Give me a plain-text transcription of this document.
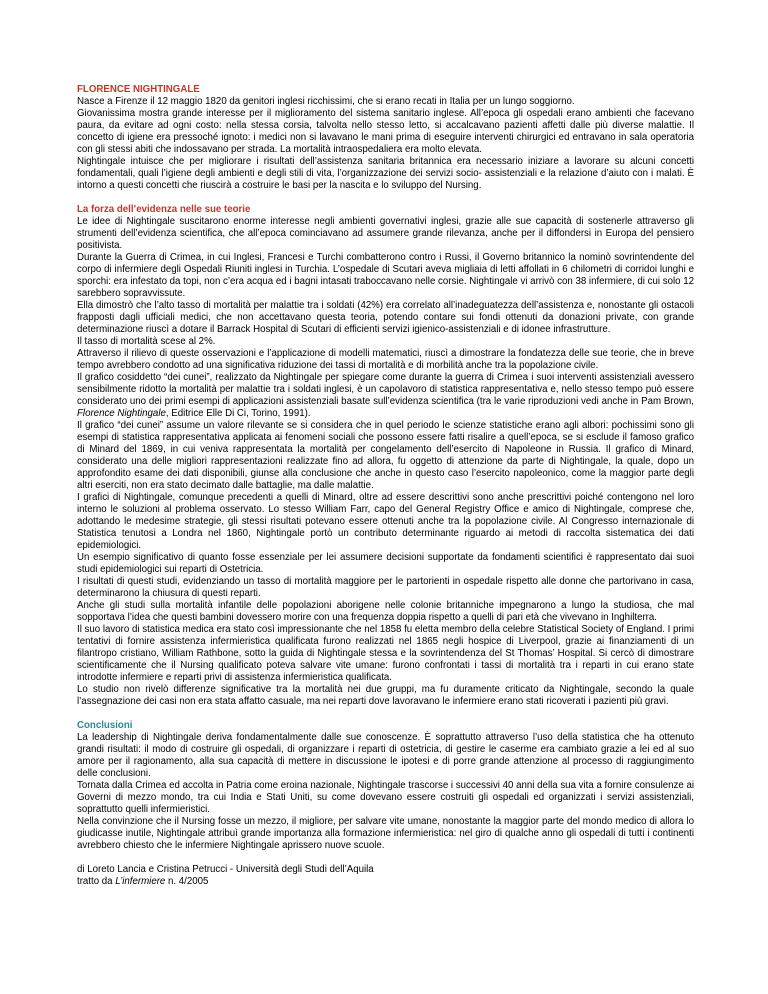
FLORENCE NIGHTINGALE

Nasce a Firenze il 12 maggio 1820 da genitori inglesi ricchissimi, che si erano recati in Italia per un lungo soggiorno.

Giovanissima mostra grande interesse per il miglioramento del sistema sanitario inglese. All’epoca gli ospedali erano ambienti che facevano paura, da evitare ad ogni costo: nella stessa corsia, talvolta nello stesso letto, si accalcavano pazienti affetti dalle più diverse malattie. Il concetto di igiene era pressoché ignoto: i medici non si lavavano le mani prima di eseguire interventi chirurgici ed entravano in sala operatoria con gli stessi abiti che indossavano per strada. La mortalità intraospedaliera era molto elevata.

Nightingale intuisce che per migliorare i risultati dell’assistenza sanitaria britannica era necessario iniziare a lavorare su alcuni concetti fondamentali, quali l’igiene degli ambienti e degli stili di vita, l’organizzazione dei servizi socio- assistenziali e la relazione d’aiuto con i malati. È intorno a questi concetti che riuscirà a costruire le basi per la nascita e lo sviluppo del Nursing.

La forza dell’evidenza nelle sue teorie

Le idee di Nightingale suscitarono enorme interesse negli ambienti governativi inglesi, grazie alle sue capacità di sostenerle attraverso gli strumenti dell’evidenza scientifica, che all’epoca cominciavano ad assumere grande rilevanza, anche per il diffondersi in Europa del pensiero positivista.

Durante la Guerra di Crimea, in cui Inglesi, Francesi e Turchi combatterono contro i Russi, il Governo britannico la nominò sovrintendente del corpo di infermiere degli Ospedali Riuniti inglesi in Turchia. L’ospedale di Scutari aveva migliaia di letti affollati in 6 chilometri di corridoi lunghi e sporchi: era infestato da topi, non c’era acqua ed i bagni intasati traboccavano nelle corsie. Nightingale vi arrivò con 38 infermiere, di cui solo 12 sarebbero sopravvissute.

Ella dimostrò che l’alto tasso di mortalità per malattie tra i soldati (42%) era correlato all’inadeguatezza dell’assistenza e, nonostante gli ostacoli frapposti dagli ufficiali medici, che non accettavano questa teoria, potendo contare sui fondi ottenuti da donazioni private, con grande determinazione riuscì a dotare il Barrack Hospital di Scutari di efficienti servizi igienico-assistenziali e di idonee infrastrutture.

Il tasso di mortalità scese al 2%.

Attraverso il rilievo di queste osservazioni e l’applicazione di modelli matematici, riuscì a dimostrare la fondatezza delle sue teorie, che in breve tempo avrebbero condotto ad una significativa riduzione dei tassi di mortalità e di morbilità anche tra la popolazione civile.

Il grafico cosiddetto “dei cunei”, realizzato da Nightingale per spiegare come durante la guerra di Crimea i suoi interventi assistenziali avessero sensibilmente ridotto la mortalità per malattie tra i soldati inglesi, è un capolavoro di statistica rappresentativa e, nello stesso tempo può essere considerato uno dei primi esempi di applicazioni assistenziali basate sull’evidenza scientifica (tra le varie riproduzioni vedi anche in Pam Brown, Florence Nightingale, Editrice Elle Di Ci, Torino, 1991).

Il grafico “dei cunei” assume un valore rilevante se si considera che in quel periodo le scienze statistiche erano agli albori: pochissimi sono gli esempi di statistica rappresentativa applicata ai fenomeni sociali che possono essere fatti risalire a quell’epoca, se si esclude il famoso grafico di Minard del 1869, in cui veniva rappresentata la mortalità per congelamento dell’esercito di Napoleone in Russia. Il grafico di Minard, considerato una delle migliori rappresentazioni realizzate fino ad allora, fu oggetto di attenzione da parte di Nightingale, la quale, dopo un approfondito esame dei dati disponibili, giunse alla conclusione che anche in questo caso l’esercito napoleonico, come la maggior parte degli altri eserciti, non era stato decimato dalle battaglie, ma dalle malattie.

I grafici di Nightingale, comunque precedenti a quelli di Minard, oltre ad essere descrittivi sono anche prescrittivi poiché contengono nel loro interno le soluzioni al problema osservato. Lo stesso William Farr, capo del General Registry Office e amico di Nightingale, comprese che, adottando le medesime strategie, gli stessi risultati potevano essere ottenuti anche tra la popolazione civile. Al Congresso internazionale di Statistica tenutosi a Londra nel 1860, Nightingale portò un contributo determinante riguardo ai metodi di raccolta sistematica dei dati epidemiologici.

Un esempio significativo di quanto fosse essenziale per lei assumere decisioni supportate da fondamenti scientifici è rappresentato dai suoi studi epidemiologici sui reparti di Ostetricia.

I risultati di questi studi, evidenziando un tasso di mortalità maggiore per le partorienti in ospedale rispetto alle donne che partorivano in casa, determinarono la chiusura di questi reparti.

Anche gli studi sulla mortalità infantile delle popolazioni aborigene nelle colonie britanniche impegnarono a lungo la studiosa, che mal sopportava l’idea che questi bambini dovessero morire con una frequenza doppia rispetto a quelli di pari età che vivevano in Inghilterra.

Il suo lavoro di statistica medica era stato così impressionante che nel 1858 fu eletta membro della celebre Statistical Society of England. I primi tentativi di fornire assistenza infermieristica qualificata furono realizzati nel 1865 negli hospice di Liverpool, grazie ai finanziamenti di un filantropo cristiano, William Rathbone, sotto la guida di Nightingale stessa e la sovrintendenza del St Thomas’ Hospital. Si cercò di dimostrare scientificamente che il Nursing qualificato poteva salvare vite umane: furono confrontati i tassi di mortalità tra i reparti in cui erano state introdotte infermiere e reparti privi di assistenza infermieristica qualificata.

Lo studio non rivelò differenze significative tra la mortalità nei due gruppi, ma fu duramente criticato da Nightingale, secondo la quale l’assegnazione dei casi non era stata affatto casuale, ma nei reparti dove lavoravano le infermiere erano stati ricoverati i pazienti più gravi.

Conclusioni

La leadership di Nightingale deriva fondamentalmente dalle sue conoscenze. È soprattutto attraverso l’uso della statistica che ha ottenuto grandi risultati: il modo di costruire gli ospedali, di organizzare i reparti di ostetricia, di gestire le caserme era cambiato grazie a lei ed al suo amore per il ragionamento, alla sua capacità di mettere in discussione le ipotesi e di porre grande attenzione al processo di raggiungimento delle conclusioni.

Tornata dalla Crimea ed accolta in Patria come eroina nazionale, Nightingale trascorse i successivi 40 anni della sua vita a fornire consulenze ai Governi di mezzo mondo, tra cui India e Stati Uniti, su come dovevano essere costruiti gli ospedali ed organizzati i servizi assistenziali, soprattutto quelli infermieristici.

Nella convinzione che il Nursing fosse un mezzo, il migliore, per salvare vite umane, nonostante la maggior parte del mondo medico di allora lo giudicasse inutile, Nightingale attribuì grande importanza alla formazione infermieristica: nel giro di qualche anno gli ospedali di tutti i continenti avrebbero chiesto che le infermiere Nightingale aprissero nuove scuole.

di Loreto Lancia e Cristina Petrucci - Università degli Studi dell’Aquila
tratto da L’infermiere n. 4/2005
